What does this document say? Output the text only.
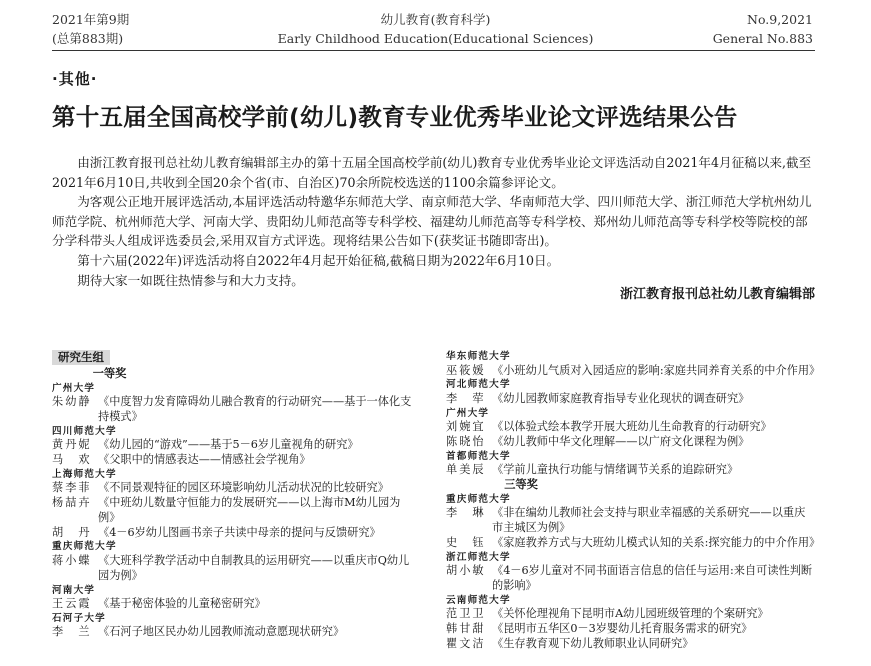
2021年第9期
(总第883期)
幼儿教育(教育科学)
Early Childhood Education(Educational Sciences)
No.9,2021
General No.883
·其他·
第十五届全国高校学前(幼儿)教育专业优秀毕业论文评选结果公告

由浙江教育报刊总社幼儿教育编辑部主办的第十五届全国高校学前(幼儿)教育专业优秀毕业论文评选活动自2021年4月征稿以来,截至2021年6月10日,共收到全国20余个省(市、自治区)70余所院校选送的1100余篇参评论文。

为客观公正地开展评选活动,本届评选活动特邀华东师范大学、南京师范大学、华南师范大学、四川师范大学、浙江师范大学杭州幼儿师范学院、杭州师范大学、河南大学、贵阳幼儿师范高等专科学校、福建幼儿师范高等专科学校、郑州幼儿师范高等专科学校等院校的部分学科带头人组成评选委员会,采用双盲方式评选。现将结果公告如下(获奖证书随即寄出)。

第十六届(2022年)评选活动将自2022年4月起开始征稿,截稿日期为2022年6月10日。

期待大家一如既往热情参与和大力支持。

浙江教育报刊总社幼儿教育编辑部
研究生组
一等奖
广州大学
朱幼静 《中度智力发育障碍幼儿融合教育的行动研究——基于一体化支持模式》
四川师范大学
黄丹妮 《幼儿园的“游戏”——基于5－6岁儿童视角的研究》
马　欢 《父职中的情感表达——情感社会学视角》
上海师范大学
蔡李菲 《不同景观特征的园区环境影响幼儿活动状况的比较研究》
杨喆卉 《中班幼儿数量守恒能力的发展研究——以上海市M幼儿园为例》
胡　丹 《4－6岁幼儿图画书亲子共读中母亲的提问与反馈研究》
重庆师范大学
蒋小蝶 《大班科学教学活动中自制教具的运用研究——以重庆市Q幼儿园为例》
河南大学
王云霞 《基于秘密体验的儿童秘密研究》
石河子大学
李　兰 《石河子地区民办幼儿园教师流动意愿现状研究》
华东师范大学
巫筱媛 《小班幼儿气质对入园适应的影响:家庭共同养育关系的中介作用》
河北师范大学
李　荦 《幼儿园教师家庭教育指导专业化现状的调查研究》
广州大学
刘婉宜 《以体验式绘本教学开展大班幼儿生命教育的行动研究》
陈晓怡 《幼儿教师中华文化理解——以广府文化课程为例》
首都师范大学
单美辰 《学前儿童执行功能与情绪调节关系的追踪研究》
三等奖
重庆师范大学
李　琳 《非在编幼儿教师社会支持与职业幸福感的关系研究——以重庆市主城区为例》
史　钰 《家庭教养方式与大班幼儿模式认知的关系:探究能力的中介作用》
浙江师范大学
胡小敏 《4－6岁儿童对不同书面语言信息的信任与运用:来自可读性判断的影响》
云南师范大学
范卫卫 《关怀伦理视角下昆明市A幼儿园班级管理的个案研究》
韩甘甜 《昆明市五华区0－3岁婴幼儿托育服务需求的研究》
瞿文洁 《生存教育观下幼儿教师职业认同研究》
